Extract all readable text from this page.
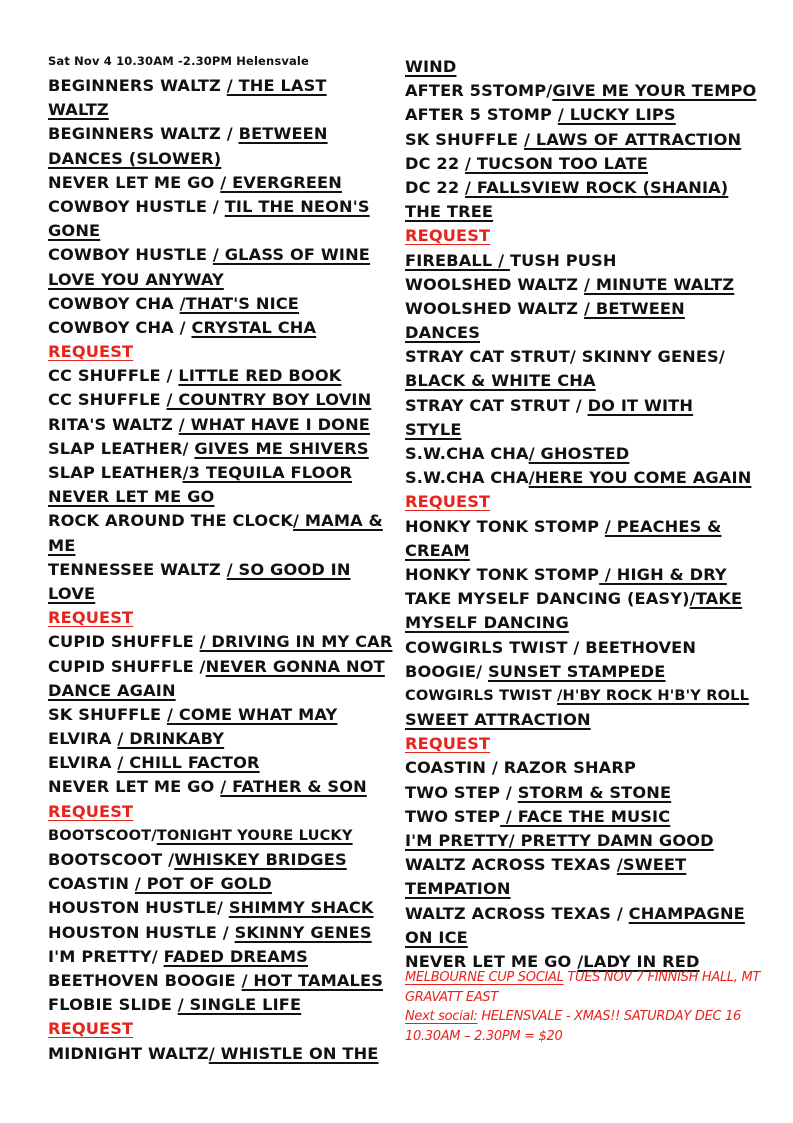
Sat Nov 4 10.30AM -2.30PM Helensvale
BEGINNERS WALTZ / THE LAST
WALTZ
BEGINNERS WALTZ / BETWEEN
DANCES (SLOWER)
NEVER LET ME GO / EVERGREEN
COWBOY HUSTLE / TIL THE NEON'S
GONE
COWBOY HUSTLE / GLASS OF WINE
LOVE YOU ANYWAY
COWBOY CHA /THAT'S NICE
COWBOY CHA / CRYSTAL CHA
REQUEST
CC SHUFFLE / LITTLE RED BOOK
CC SHUFFLE / COUNTRY BOY LOVIN
RITA'S WALTZ / WHAT HAVE I DONE
SLAP LEATHER/ GIVES ME SHIVERS
SLAP LEATHER/3 TEQUILA FLOOR
NEVER LET ME GO
ROCK AROUND THE CLOCK/ MAMA &
ME
TENNESSEE WALTZ / SO GOOD IN
LOVE
REQUEST
CUPID SHUFFLE / DRIVING IN MY CAR
CUPID SHUFFLE /NEVER GONNA NOT
DANCE AGAIN
SK SHUFFLE / COME WHAT MAY
ELVIRA / DRINKABY
ELVIRA / CHILL FACTOR
NEVER LET ME GO / FATHER & SON
REQUEST
BOOTSCOOT/TONIGHT YOURE LUCKY
BOOTSCOOT /WHISKEY BRIDGES
COASTIN / POT OF GOLD
HOUSTON HUSTLE/ SHIMMY SHACK
HOUSTON HUSTLE / SKINNY GENES
I'M PRETTY/ FADED DREAMS
BEETHOVEN BOOGIE / HOT TAMALES
FLOBIE SLIDE / SINGLE LIFE
REQUEST
MIDNIGHT WALTZ/ WHISTLE ON THE
WIND
AFTER 5STOMP/GIVE ME YOUR TEMPO
AFTER 5 STOMP / LUCKY LIPS
SK SHUFFLE / LAWS OF ATTRACTION
DC 22 / TUCSON TOO LATE
DC 22 / FALLSVIEW ROCK (SHANIA)
THE TREE
REQUEST
FIREBALL / TUSH PUSH
WOOLSHED WALTZ / MINUTE WALTZ
WOOLSHED WALTZ / BETWEEN
DANCES
STRAY CAT STRUT/ SKINNY GENES/
BLACK & WHITE CHA
STRAY CAT STRUT / DO IT WITH
STYLE
S.W.CHA CHA/ GHOSTED
S.W.CHA CHA/HERE YOU COME AGAIN
REQUEST
HONKY TONK STOMP / PEACHES &
CREAM
HONKY TONK STOMP / HIGH & DRY
TAKE MYSELF DANCING (EASY)/TAKE
MYSELF DANCING
COWGIRLS TWIST / BEETHOVEN
BOOGIE/ SUNSET STAMPEDE
COWGIRLS TWIST /H'BY ROCK H'B'Y ROLL
SWEET ATTRACTION
REQUEST
COASTIN / RAZOR SHARP
TWO STEP / STORM & STONE
TWO STEP / FACE THE MUSIC
I'M PRETTY/ PRETTY DAMN GOOD
WALTZ ACROSS TEXAS /SWEET
TEMPATION
WALTZ ACROSS TEXAS / CHAMPAGNE
ON ICE
NEVER LET ME GO /LADY IN RED
MELBOURNE CUP SOCIAL TUES NOV 7 FINNISH HALL, MT
GRAVATT EAST
Next social: HELENSVALE - XMAS!! SATURDAY DEC 16
10.30AM – 2.30PM = $20
